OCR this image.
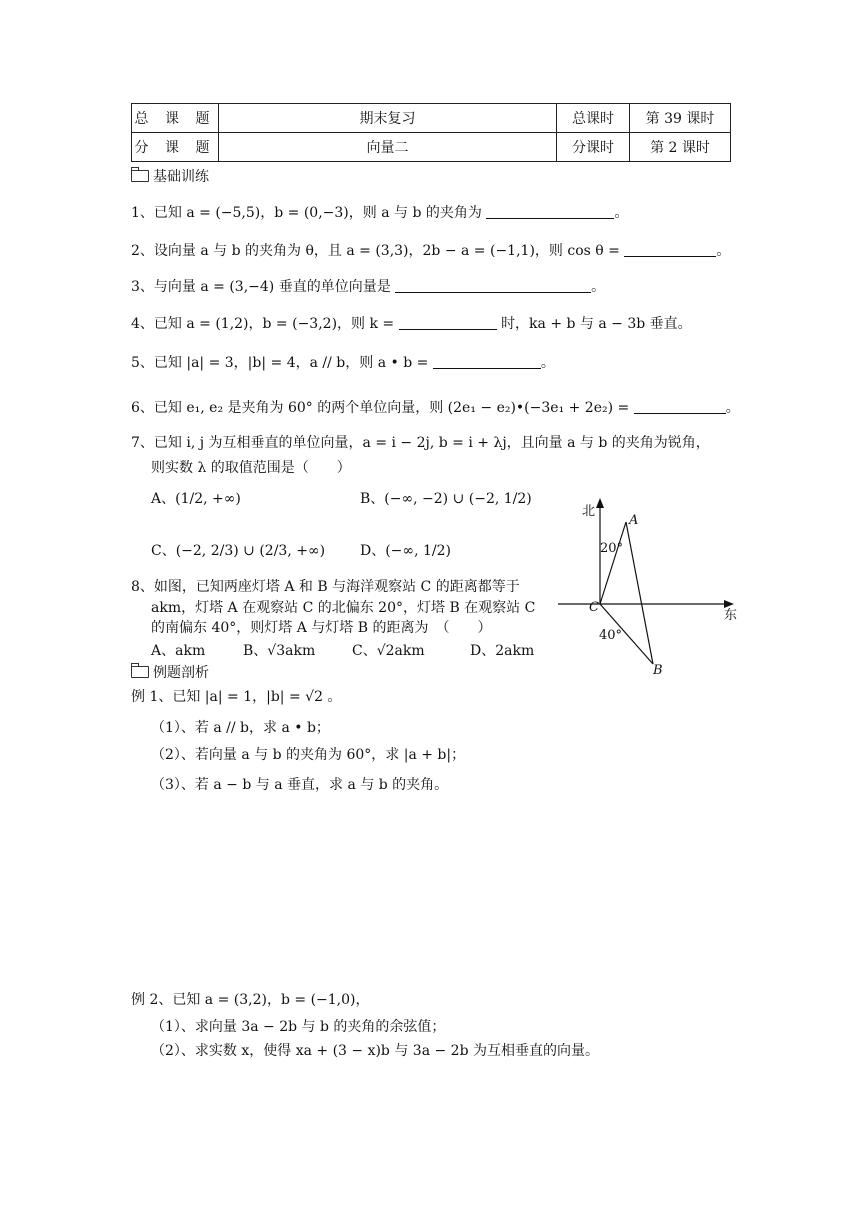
总 课 题	期末复习	总课时	第 39 课时
分 课 题	向量二	分课时	第 2 课时
基础训练
1、已知 a = (−5,5)，b = (0,−3)，则 a 与 b 的夹角为	。
2、设向量 a 与 b 的夹角为 θ，且 a = (3,3)，2b − a = (−1,1)，则 cos θ =	。
3、与向量 a = (3,−4) 垂直的单位向量是	。
4、已知 a = (1,2)，b = (−3,2)，则 k =	时，ka + b 与 a − 3b 垂直。
5、已知 |a| = 3，|b| = 4，a // b，则 a • b =	。
6、已知 e₁, e₂ 是夹角为 60° 的两个单位向量，则 (2e₁ − e₂)•(−3e₁ + 2e₂) =	。
7、已知 i, j 为互相垂直的单位向量，a = i − 2j, b = i + λj，且向量 a 与 b 的夹角为锐角，
则实数 λ 的取值范围是（　　）
A、(1/2, +∞)	B、(−∞, −2) ∪ (−2, 1/2)
C、(−2, 2/3) ∪ (2/3, +∞) D、(−∞, 1/2)
8、如图，已知两座灯塔 A 和 B 与海洋观察站 C 的距离都等于
akm，灯塔 A 在观察站 C 的北偏东 20°，灯塔 B 在观察站 C
的南偏东 40°，则灯塔 A 与灯塔 B 的距离为　（　　）
A、akm	B、√3akm	C、√2akm	D、2akm
北
东
A
B
C
20°
40°
例题剖析
例 1、已知 |a| = 1，|b| = √2 。
（1）、若 a // b，求 a • b；
（2）、若向量 a 与 b 的夹角为 60°，求 |a + b|；
（3）、若 a − b 与 a 垂直，求 a 与 b 的夹角。
例 2、已知 a = (3,2)，b = (−1,0)，
（1）、求向量 3a − 2b 与 b 的夹角的余弦值；
（2）、求实数 x，使得 xa + (3 − x)b 与 3a − 2b 为互相垂直的向量。
